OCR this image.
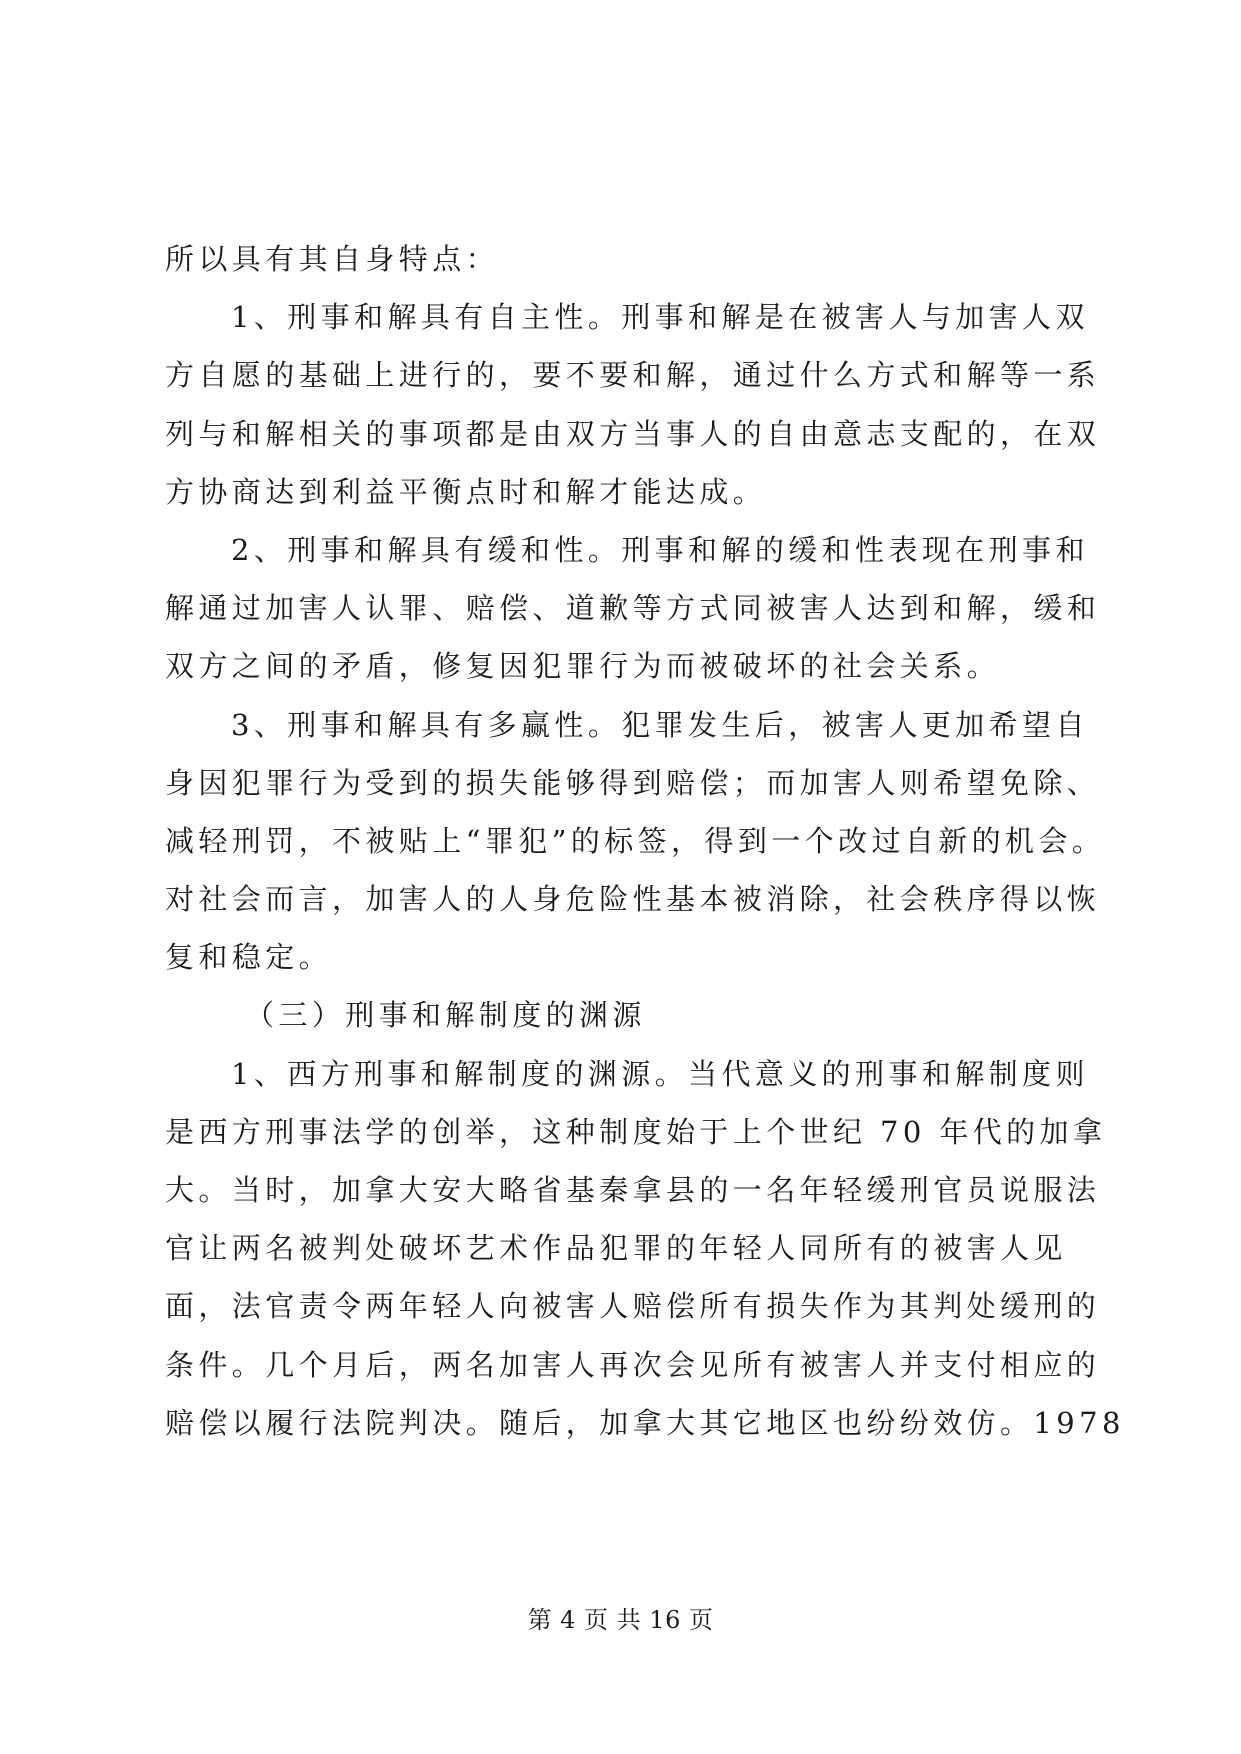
所以具有其自身特点：
1、刑事和解具有自主性。刑事和解是在被害人与加害人双
方自愿的基础上进行的，要不要和解，通过什么方式和解等一系
列与和解相关的事项都是由双方当事人的自由意志支配的，在双
方协商达到利益平衡点时和解才能达成。
2、刑事和解具有缓和性。刑事和解的缓和性表现在刑事和
解通过加害人认罪、赔偿、道歉等方式同被害人达到和解，缓和
双方之间的矛盾，修复因犯罪行为而被破坏的社会关系。
3、刑事和解具有多赢性。犯罪发生后，被害人更加希望自
身因犯罪行为受到的损失能够得到赔偿；而加害人则希望免除、
减轻刑罚，不被贴上“罪犯”的标签，得到一个改过自新的机会。
对社会而言，加害人的人身危险性基本被消除，社会秩序得以恢
复和稳定。
（三）刑事和解制度的渊源
1、西方刑事和解制度的渊源。当代意义的刑事和解制度则
是西方刑事法学的创举，这种制度始于上个世纪 70 年代的加拿
大。当时，加拿大安大略省基秦拿县的一名年轻缓刑官员说服法
官让两名被判处破坏艺术作品犯罪的年轻人同所有的被害人见
面，法官责令两年轻人向被害人赔偿所有损失作为其判处缓刑的
条件。几个月后，两名加害人再次会见所有被害人并支付相应的
赔偿以履行法院判决。随后，加拿大其它地区也纷纷效仿。1978
第 4 页 共 16 页
